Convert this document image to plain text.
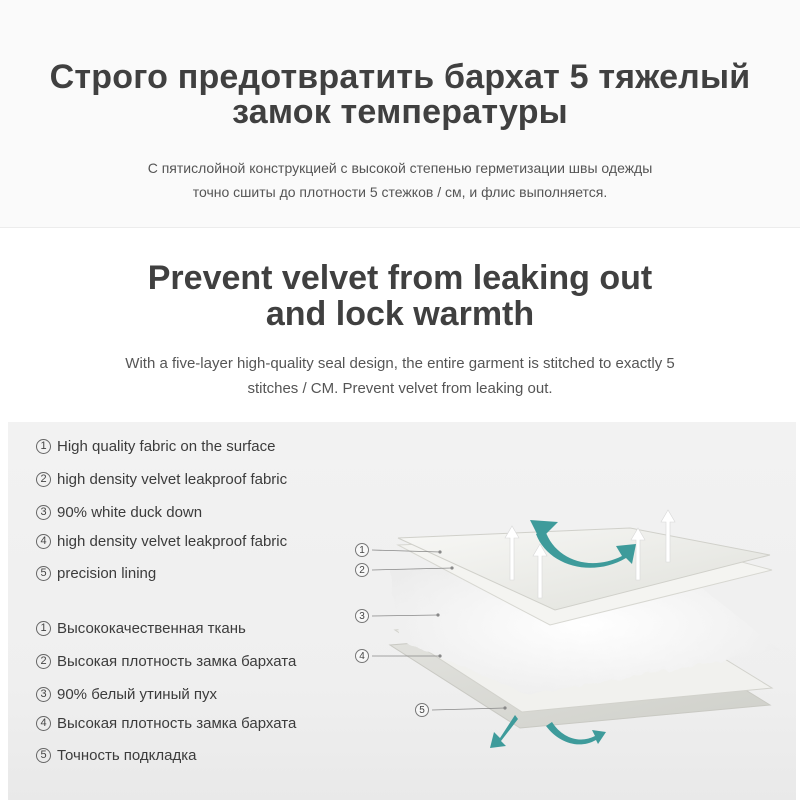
Строго предотвратить бархат 5 тяжелый
замок температуры
С пятислойной конструкцией с высокой степенью герметизации швы одежды
точно сшиты до плотности 5 стежков / см, и флис выполняется.
Prevent velvet from leaking out
and lock warmth
With a five-layer high-quality seal design, the entire garment is stitched to exactly 5
stitches / CM. Prevent velvet from leaking out.
1 High quality fabric on the surface
2 high density velvet leakproof fabric
3 90% white duck down
4 high density velvet leakproof fabric
5 precision lining
1 Высококачественная ткань
2 Высокая плотность замка бархата
3 90% белый утиный пух
4 Высокая плотность замка бархата
5 Точность подкладка
1
2
3
4
5
